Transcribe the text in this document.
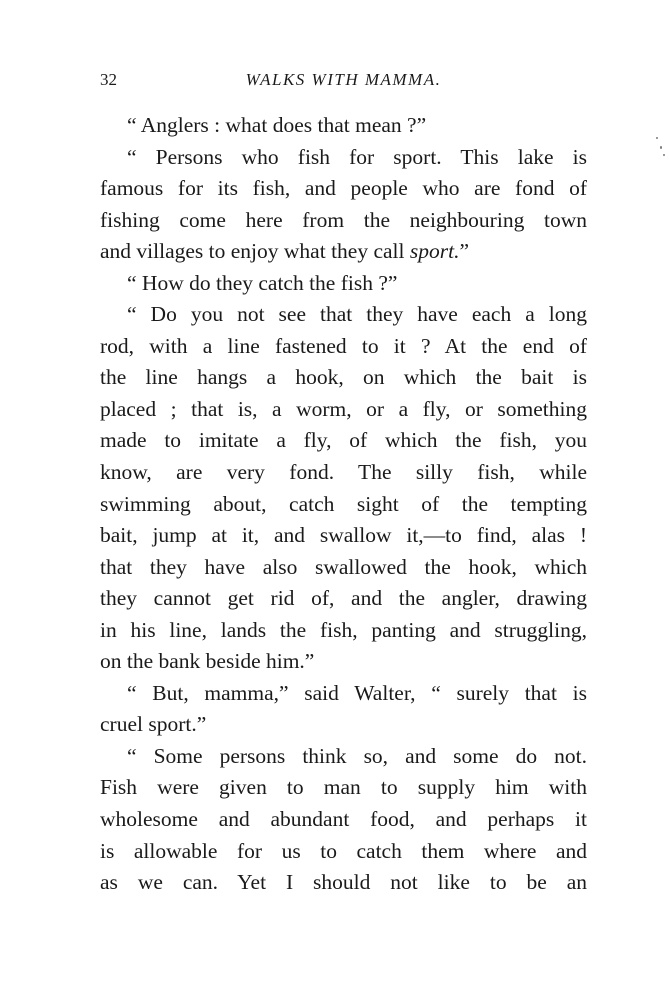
32	WALKS WITH MAMMA.
“ Anglers : what does that mean ?”
“ Persons who fish for sport. This lake is
famous for its fish, and people who are fond of
fishing come here from the neighbouring town
and villages to enjoy what they call sport.”
“ How do they catch the fish ?”
“ Do you not see that they have each a long
rod, with a line fastened to it ? At the end of
the line hangs a hook, on which the bait is
placed ; that is, a worm, or a fly, or something
made to imitate a fly, of which the fish, you
know, are very fond. The silly fish, while
swimming about, catch sight of the tempting
bait, jump at it, and swallow it,—to find, alas !
that they have also swallowed the hook, which
they cannot get rid of, and the angler, drawing
in his line, lands the fish, panting and struggling,
on the bank beside him.”
“ But, mamma,” said Walter, “ surely that is
cruel sport.”
“ Some persons think so, and some do not.
Fish were given to man to supply him with
wholesome and abundant food, and perhaps it
is allowable for us to catch them where and
as we can. Yet I should not like to be an
